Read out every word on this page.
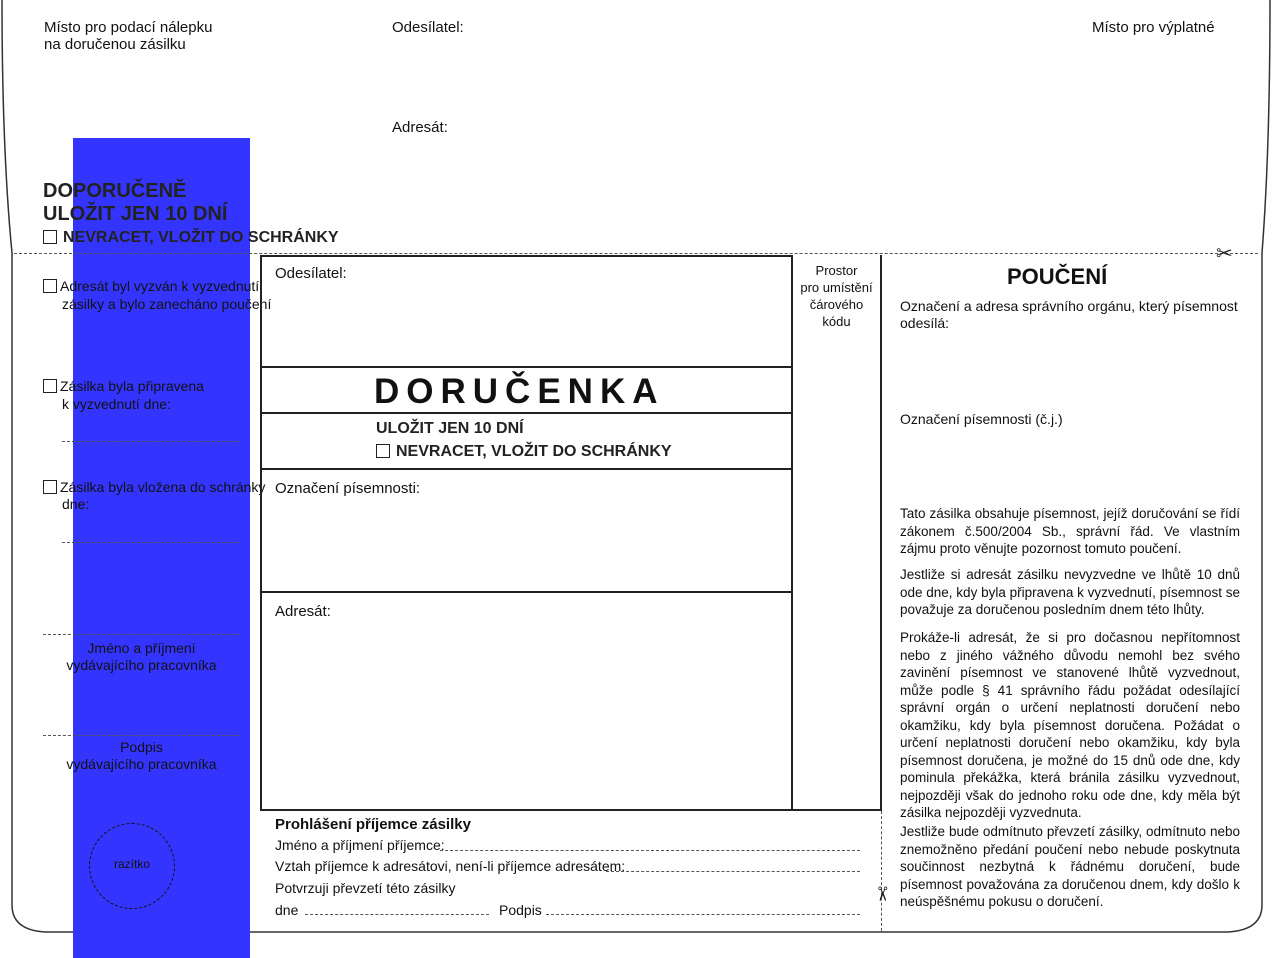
Místo pro podací nálepku
na doručenou zásilku
Odesílatel:	Místo pro výplatné
Adresát:
DOPORUČENĚ
ULOŽIT JEN 10 DNÍ
NEVRACET, VLOŽIT DO SCHRÁNKY
✂
Adresát byl vyzván k vyzvednutí
zásilky a bylo zanecháno poučení
Zásilka byla připravena
k vyzvednutí dne:
Zásilka byla vložena do schránky
dne:
Jméno a příjmení
vydávajícího pracovníka
Podpis
vydávajícího pracovníka
razítko
Odesílatel:
DORUČENKA
ULOŽIT JEN 10 DNÍ
NEVRACET, VLOŽIT DO SCHRÁNKY
Označení písemnosti:
Adresát:
Prostor
pro umístění
čárového
kódu
✂
Prohlášení příjemce zásilky
Jméno a příjmení příjemce:
Vztah příjemce k adresátovi, není-li příjemce adresátem:
Potvrzuji převzetí této zásilky
dne	Podpis
POUČENÍ
Označení a adresa správního orgánu, který písemnost odesílá:
Označení písemnosti (č.j.)
Tato zásilka obsahuje písemnost, jejíž doručování se řídí zákonem č.500/2004 Sb., správní řád. Ve vlastním zájmu proto věnujte pozornost tomuto poučení.
Jestliže si adresát zásilku nevyzvedne ve lhůtě 10 dnů ode dne, kdy byla připravena k vyzvednutí, písemnost se považuje za doručenou posledním dnem této lhůty.
Prokáže-li adresát, že si pro dočasnou nepřítomnost nebo z jiného vážného důvodu nemohl bez svého zavinění písemnost ve stanovené lhůtě vyzvednout, může podle § 41 správního řádu požádat odesílající správní orgán o určení neplatnosti doručení nebo okamžiku, kdy byla písemnost doručena. Požádat o určení neplatnosti doručení nebo okamžiku, kdy byla písemnost doručena, je možné do 15 dnů ode dne, kdy pominula překážka, která bránila zásilku vyzvednout, nejpozději však do jednoho roku ode dne, kdy měla být zásilka nejpozději vyzvednuta.
Jestliže bude odmítnuto převzetí zásilky, odmítnuto nebo znemožněno předání poučení nebo nebude poskytnuta součinnost nezbytná k řádnému doručení, bude písemnost považována za doručenou dnem, kdy došlo k neúspěšnému pokusu o doručení.
